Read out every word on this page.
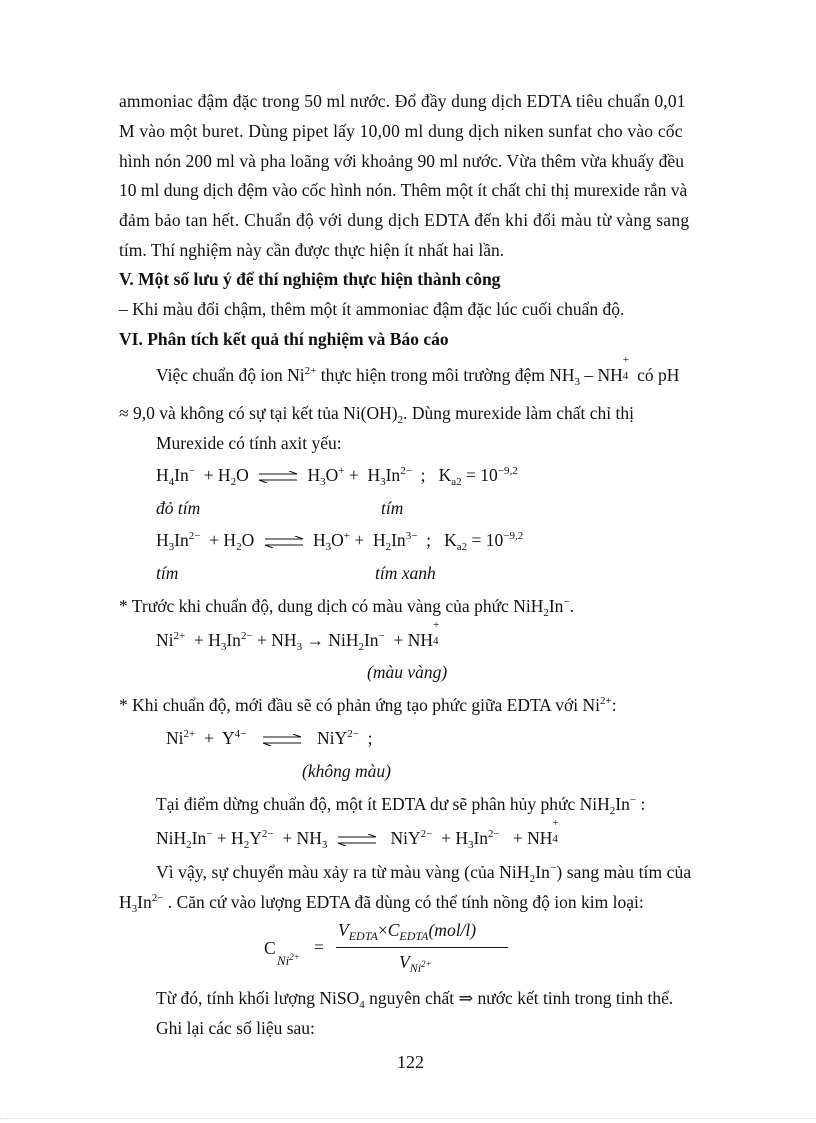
ammoniac đậm đặc trong 50 ml nước. Đổ đầy dung dịch EDTA tiêu chuẩn 0,01
M vào một buret. Dùng pipet lấy 10,00 ml dung dịch niken sunfat cho vào cốc
hình nón 200 ml và pha loãng với khoảng 90 ml nước. Vừa thêm vừa khuấy đều
10 ml dung dịch đệm vào cốc hình nón. Thêm một ít chất chỉ thị murexide rắn và
đảm bảo tan hết. Chuẩn độ với dung dịch EDTA đến khi đổi màu từ vàng sang
tím. Thí nghiệm này cần được thực hiện ít nhất hai lần.
V. Một số lưu ý để thí nghiệm thực hiện thành công
– Khi màu đổi chậm, thêm một ít ammoniac đậm đặc lúc cuối chuẩn độ.
VI. Phân tích kết quả thí nghiệm và Báo cáo
Việc chuẩn độ ion $Ni^{2+}$ thực hiện trong môi trường đệm $NH_3$ – NH
+
4 có pH
≈ 9,0 và không có sự tại kết tủa $Ni(OH)_2$. Dùng murexide làm chất chỉ thị
Murexide có tính axit yếu:
$H_4In^- + H_2O$ ⇌ $H_3O^+ + H_3In^{2-}$  ;   $K_{a2} = 10^{-9,2}$
đỏ tím	tím
$H_3In^{2-} + H_2O$ ⇌ $H_3O^+ + H_2In^{3-}$  ;   $K_{a2} = 10^{-9,2}$
tím	tím xanh
* Trước khi chuẩn độ, dung dịch có màu vàng của phức NiH$_2$In−.
$Ni^{2+} + H_3In^{2-} + NH_3 \to NiH_2In^-$  + NH
+
4
(màu vàng)
* Khi chuẩn độ, mới đầu sẽ có phản ứng tạo phức giữa EDTA với $Ni^{2+}$:
$Ni^{2+} + Y^{4-}$ ⇌ NiY$^{2-}$  ;
(không màu)
Tại điểm dừng chuẩn độ, một ít EDTA dư sẽ phân hủy phức NiH$_2$In− :
$NiH_2In^- + H_2Y^{2-} + NH_3$ ⇌ $NiY^{2-} + H_3In^{2-}$   + NH
+
4
Vì vậy, sự chuyển màu xảy ra từ màu vàng (của NiH$_2$In−) sang màu tím của
$H_3In^{2-}$ . Căn cứ vào lượng EDTA đã dùng có thể tính nồng độ ion kim loại:
C
$Ni^{2+}$ =
$V_{EDTA}\times C_{EDTA}(mol/l)$
$V_{Ni^{2+}}$
Từ đó, tính khối lượng NiSO$_4$ nguyên chất ⇒ nước kết tinh trong tinh thể.
Ghi lại các số liệu sau:
122
